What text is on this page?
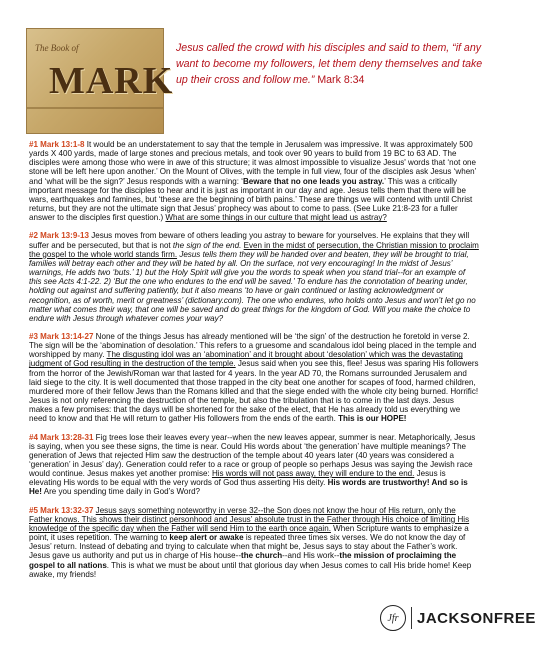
The Book of
MARK
Jesus called the crowd with his disciples and said to them, “if any want to become my followers, let them deny themselves and take up their cross and follow me.” Mark 8:34

#1 Mark 13:1-8 It would be an understatement to say that the temple in Jerusalem was impressive. It was approximately 500 yards X 400 yards, made of large stones and precious metals, and took over 90 years to build from 19 BC to 63 AD. The disciples were among those who were in awe of this structure; it was almost impossible to visualize Jesus' words that ‘not one stone will be left here upon another.’ On the Mount of Olives, with the temple in full view, four of the disciples ask Jesus ‘when’ and ‘what will be the sign?’ Jesus responds with a warning: ‘Beware that no one leads you astray.’ This was a critically important message for the disciples to hear and it is just as important in our day and age. Jesus tells them that there will be wars, earthquakes and famines, but ‘these are the beginning of birth pains.’ These are things we will contend with until Christ returns, but they are not the ultimate sign that Jesus’ prophecy was about to come to pass. (See Luke 21:8-23 for a fuller answer to the disciples first question.) What are some things in our culture that might lead us astray?

#2 Mark 13:9-13 Jesus moves from beware of others leading you astray to beware for yourselves. He explains that they will suffer and be persecuted, but that is not the sign of the end. Even in the midst of persecution, the Christian mission to proclaim the gospel to the whole world stands firm. Jesus tells them they will be handed over and beaten, they will be brought to trial, families will betray each other and they will be hated by all. On the surface, not very encouraging! In the midst of Jesus’ warnings, He adds two ‘buts.’ 1) but the Holy Spirit will give you the words to speak when you stand trial--for an example of this see Acts 4:1-22. 2) ‘But the one who endures to the end will be saved.’ To endure has the connotation of bearing under, holding out against and suffering patiently, but it also means ‘to have or gain continued or lasting acknowledgment or recognition, as of worth, merit or greatness’ (dictionary.com). The one who endures, who holds onto Jesus and won’t let go no matter what comes their way, that one will be saved and do great things for the kingdom of God. Will you make the choice to endure with Jesus through whatever comes your way?

#3 Mark 13:14-27 None of the things Jesus has already mentioned will be ‘the sign’ of the destruction he foretold in verse 2. The sign will be the ‘abomination of desolation.’ This refers to a gruesome and scandalous idol being placed in the temple and worshipped by many. The disgusting idol was an ‘abomination’ and it brought about ‘desolation’ which was the devastating judgment of God resulting in the destruction of the temple. Jesus said when you see this, flee! Jesus was sparing His followers from the horror of the Jewish/Roman war that lasted for 4 years. In the year AD 70, the Romans surrounded Jerusalem and laid siege to the city. It is well documented that those trapped in the city beat one another for scapes of food, harmed children, murdered more of their fellow Jews than the Romans killed and that the siege ended with the whole city being burned. Horrific! Jesus is not only referencing the destruction of the temple, but also the tribulation that is to come in the last days. Jesus makes a few promises: that the days will be shortened for the sake of the elect, that He has already told us everything we need to know and that He will return to gather His followers from the ends of the earth. This is our HOPE!

#4 Mark 13:28-31 Fig trees lose their leaves every year--when the new leaves appear, summer is near. Metaphorically, Jesus is saying, when you see these signs, the time is near. Could His words about ‘the generation’ have multiple meanings? The generation of Jews that rejected Him saw the destruction of the temple about 40 years later (40 years was considered a ‘generation’ in Jesus’ day). Generation could refer to a race or group of people so perhaps Jesus was saying the Jewish race would continue. Jesus makes yet another promise: His words will not pass away, they will endure to the end. Jesus is elevating His words to be equal with the very words of God thus asserting His deity. His words are trustworthy! And so is He! Are you spending time daily in God’s Word?

#5 Mark 13:32-37 Jesus says something noteworthy in verse 32--the Son does not know the hour of His return, only the Father knows. This shows their distinct personhood and Jesus’ absolute trust in the Father through His choice of limiting His knowledge of the specific day when the Father will send Him to the earth once again. When Scripture wants to emphasize a point, it uses repetition. The warning to keep alert or awake is repeated three times six verses. We do not know the day of Jesus’ return. Instead of debating and trying to calculate when that might be, Jesus says to stay about the Father’s work. Jesus gave us authority and put us in charge of His house--the church--and His work--the mission of proclaiming the gospel to all nations. This is what we must be about until that glorious day when Jesus comes to call His bride home! Keep awake, my friends!

Jfr	JACKSONFREE
